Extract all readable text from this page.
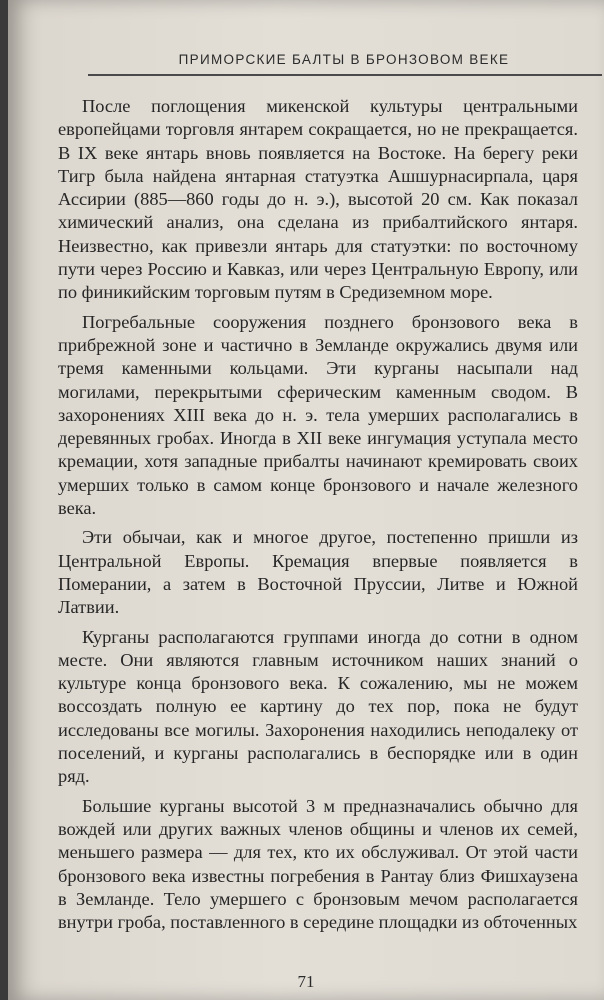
ПРИМОРСКИЕ БАЛТЫ В БРОНЗОВОМ ВЕКЕ

После поглощения микенской культуры центральными европейцами торговля янтарем сокращается, но не прекращается. В IX веке янтарь вновь появляется на Востоке. На берегу реки Тигр была найдена янтарная статуэтка Ашшурнасирпала, царя Ассирии (885—860 годы до н. э.), высотой 20 см. Как показал химический анализ, она сделана из прибалтийского янтаря. Неизвестно, как привезли янтарь для статуэтки: по восточному пути через Россию и Кавказ, или через Центральную Европу, или по финикийским торговым путям в Средиземном море.

Погребальные сооружения позднего бронзового века в прибрежной зоне и частично в Земланде окружались двумя или тремя каменными кольцами. Эти курганы насыпали над могилами, перекрытыми сферическим каменным сводом. В захоронениях XIII века до н. э. тела умерших располагались в деревянных гробах. Иногда в XII веке ингумация уступала место кремации, хотя западные прибалты начинают кремировать своих умерших только в самом конце бронзового и начале железного века.

Эти обычаи, как и многое другое, постепенно пришли из Центральной Европы. Кремация впервые появляется в Померании, а затем в Восточной Пруссии, Литве и Южной Латвии.

Курганы располагаются группами иногда до сотни в одном месте. Они являются главным источником наших знаний о культуре конца бронзового века. К сожалению, мы не можем воссоздать полную ее картину до тех пор, пока не будут исследованы все могилы. Захоронения находились неподалеку от поселений, и курганы располагались в беспорядке или в один ряд.

Большие курганы высотой 3 м предназначались обычно для вождей или других важных членов общины и членов их семей, меньшего размера — для тех, кто их обслуживал. От этой части бронзового века известны погребения в Рантау близ Фишхаузена в Земланде. Тело умершего с бронзовым мечом располагается внутри гроба, поставленного в середине площадки из обточенных

71
